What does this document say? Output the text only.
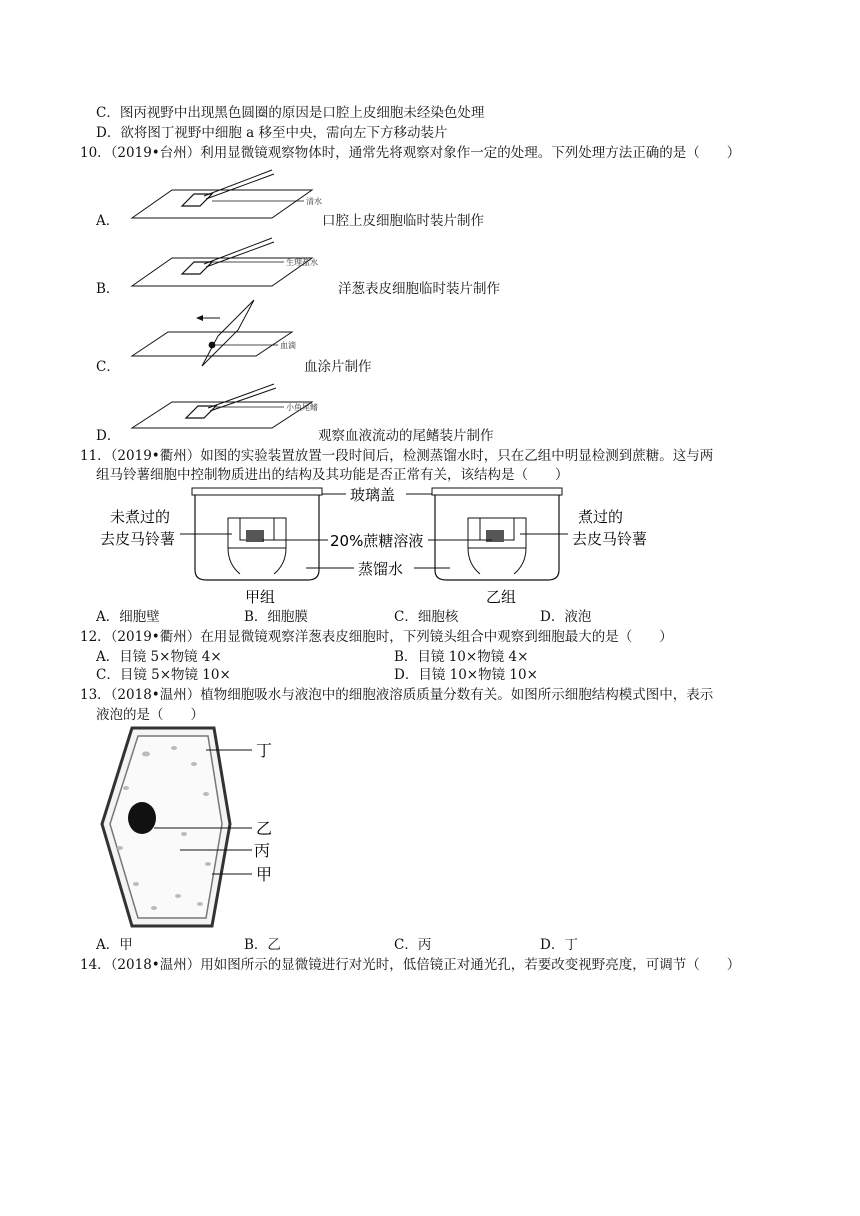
C．图丙视野中出现黑色圆圈的原因是口腔上皮细胞未经染色处理
D．欲将图丁视野中细胞 a 移至中央，需向左下方移动装片
10．（2019•台州）利用显微镜观察物体时，通常先将观察对象作一定的处理。下列处理方法正确的是（　　）
清水
A．	口腔上皮细胞临时装片制作
生理盐水
B．	洋葱表皮细胞临时装片制作
血滴
C．	血涂片制作
小鱼尾鳍
D．	观察血液流动的尾鳍装片制作
11．（2019•衢州）如图的实验装置放置一段时间后，检测蒸馏水时，只在乙组中明显检测到蔗糖。这与两
组马铃薯细胞中控制物质进出的结构及其功能是否正常有关，该结构是（　　）
玻璃盖
未煮过的
去皮马铃薯
煮过的
去皮马铃薯
20%蔗糖溶液
蒸馏水
甲组	乙组
A．细胞壁	B．细胞膜	C．细胞核	D．液泡
12．（2019•衢州）在用显微镜观察洋葱表皮细胞时，下列镜头组合中观察到细胞最大的是（　　）
A．目镜 5×物镜 4×	B．目镜 10×物镜 4×
C．目镜 5×物镜 10×	D．目镜 10×物镜 10×
13．（2018•温州）植物细胞吸水与液泡中的细胞液溶质质量分数有关。如图所示细胞结构模式图中，表示
液泡的是（　　）
丁
乙
丙
甲
A．甲	B．乙	C．丙	D．丁
14．（2018•温州）用如图所示的显微镜进行对光时，低倍镜正对通光孔，若要改变视野亮度，可调节（　　）
